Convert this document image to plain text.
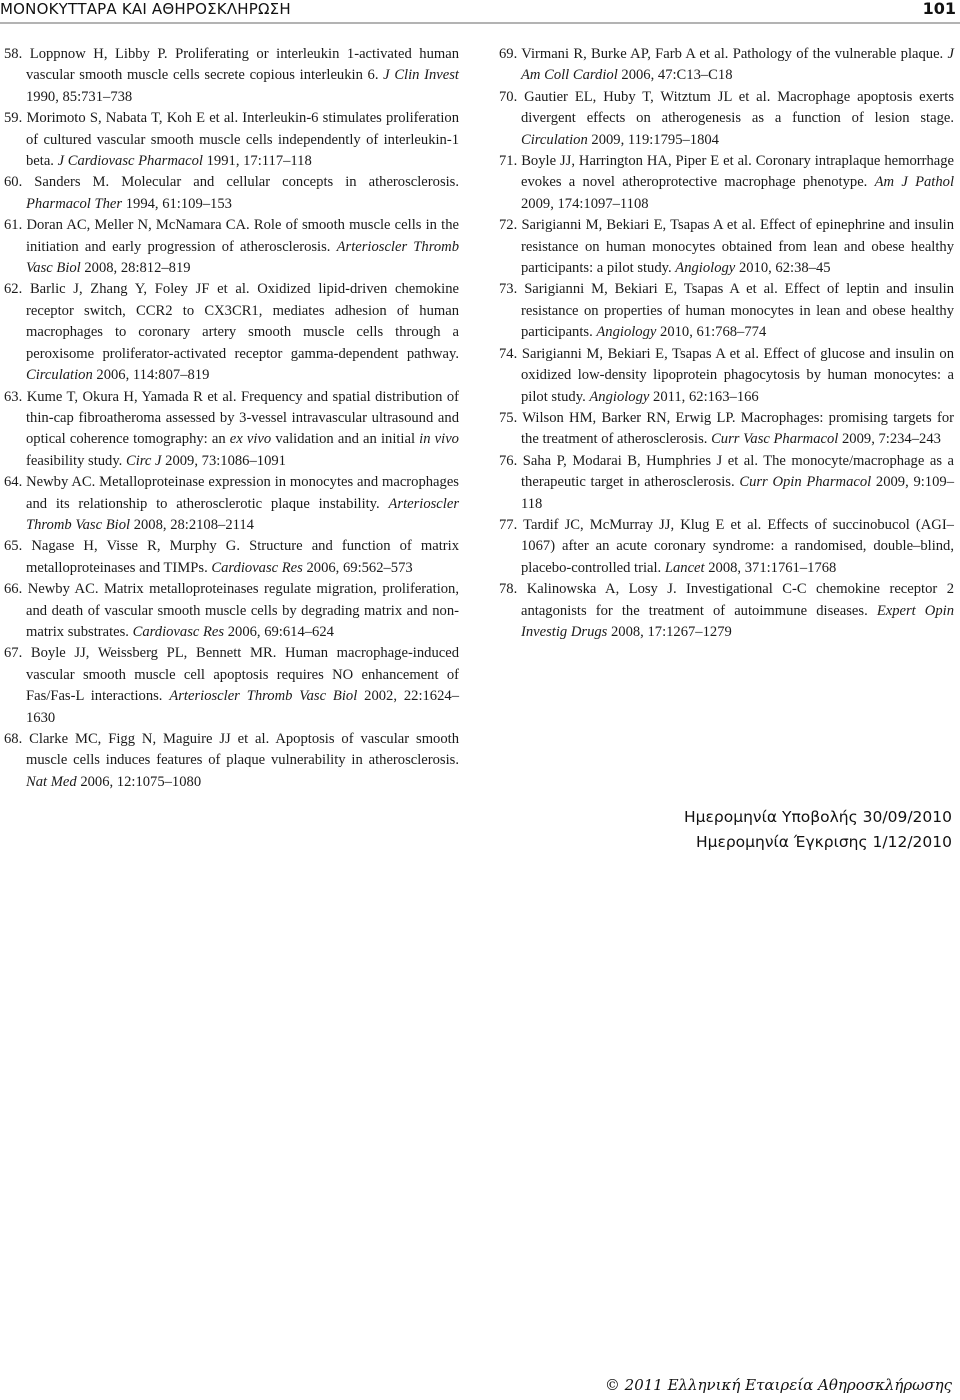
ΜΟΝΟΚΥΤΤΑΡΑ ΚΑΙ ΑΘΗΡΟΣΚΛΗΡΩΣΗ	101

58. Loppnow H, Libby P. Proliferating or interleukin 1-activated human vascular smooth muscle cells secrete copious interleukin 6. J Clin Invest 1990, 85:731–738

59. Morimoto S, Nabata T, Koh E et al. Interleukin-6 stimulates proliferation of cultured vascular smooth muscle cells independently of interleukin-1 beta. J Cardiovasc Pharmacol 1991, 17:117–118

60. Sanders M. Molecular and cellular concepts in atherosclerosis. Pharmacol Ther 1994, 61:109–153

61. Doran AC, Meller N, McNamara CA. Role of smooth muscle cells in the initiation and early progression of atherosclerosis. Arterioscler Thromb Vasc Biol 2008, 28:812–819

62. Barlic J, Zhang Y, Foley JF et al. Oxidized lipid-driven chemokine receptor switch, CCR2 to CX3CR1, mediates adhesion of human macrophages to coronary artery smooth muscle cells through a peroxisome proliferator-activated receptor gamma-dependent pathway. Circulation 2006, 114:807–819

63. Kume T, Okura H, Yamada R et al. Frequency and spatial distribution of thin-cap fibroatheroma assessed by 3-vessel intravascular ultrasound and optical coherence tomography: an ex vivo validation and an initial in vivo feasibility study. Circ J 2009, 73:1086–1091

64. Newby AC. Metalloproteinase expression in monocytes and macrophages and its relationship to atherosclerotic plaque instability. Arterioscler Thromb Vasc Biol 2008, 28:2108–2114

65. Nagase H, Visse R, Murphy G. Structure and function of matrix metalloproteinases and TIMPs. Cardiovasc Res 2006, 69:562–573

66. Newby AC. Matrix metalloproteinases regulate migration, proliferation, and death of vascular smooth muscle cells by degrading matrix and non-matrix substrates. Cardiovasc Res 2006, 69:614–624

67. Boyle JJ, Weissberg PL, Bennett MR. Human macrophage-induced vascular smooth muscle cell apoptosis requires NO enhancement of Fas/Fas-L interactions. Arterioscler Thromb Vasc Biol 2002, 22:1624–1630

68. Clarke MC, Figg N, Maguire JJ et al. Apoptosis of vascular smooth muscle cells induces features of plaque vulnerability in atherosclerosis. Nat Med 2006, 12:1075–1080

69. Virmani R, Burke AP, Farb A et al. Pathology of the vulnerable plaque. J Am Coll Cardiol 2006, 47:C13–C18

70. Gautier EL, Huby T, Witztum JL et al. Macrophage apoptosis exerts divergent effects on atherogenesis as a function of lesion stage. Circulation 2009, 119:1795–1804

71. Boyle JJ, Harrington HA, Piper E et al. Coronary intraplaque hemorrhage evokes a novel atheroprotective macrophage phenotype. Am J Pathol 2009, 174:1097–1108

72. Sarigianni M, Bekiari E, Tsapas A et al. Effect of epinephrine and insulin resistance on human monocytes obtained from lean and obese healthy participants: a pilot study. Angiology 2010, 62:38–45

73. Sarigianni M, Bekiari E, Tsapas A et al. Effect of leptin and insulin resistance on properties of human monocytes in lean and obese healthy participants. Angiology 2010, 61:768–774

74. Sarigianni M, Bekiari E, Tsapas A et al. Effect of glucose and insulin on oxidized low-density lipoprotein phagocytosis by human monocytes: a pilot study. Angiology 2011, 62:163–166

75. Wilson HM, Barker RN, Erwig LP. Macrophages: promising targets for the treatment of atherosclerosis. Curr Vasc Pharmacol 2009, 7:234–243

76. Saha P, Modarai B, Humphries J et al. The monocyte/macrophage as a therapeutic target in atherosclerosis. Curr Opin Pharmacol 2009, 9:109–118

77. Tardif JC, McMurray JJ, Klug E et al. Effects of succinobucol (AGI–1067) after an acute coronary syndrome: a randomised, double–blind, placebo-controlled trial. Lancet 2008, 371:1761–1768

78. Kalinowska A, Losy J. Investigational C-C chemokine receptor 2 antagonists for the treatment of autoimmune diseases. Expert Opin Investig Drugs 2008, 17:1267–1279

Ημερομηνία Υποβολής 30/09/2010
Ημερομηνία Έγκρισης 1/12/2010
© 2011 Ελληνική Εταιρεία Αθηροσκλήρωσης
